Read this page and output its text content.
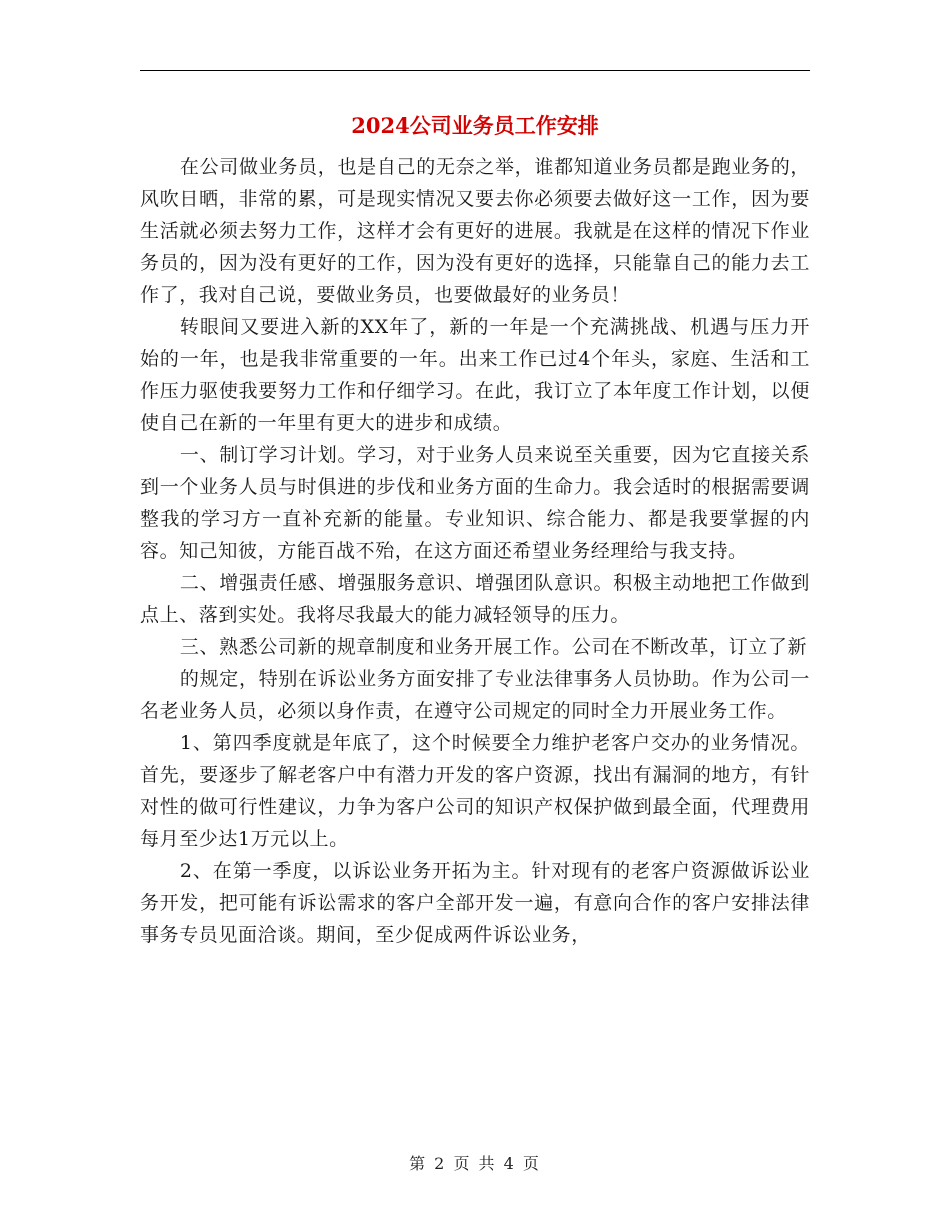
2024公司业务员工作安排

在公司做业务员，也是自己的无奈之举，谁都知道业务员都是跑业务的，风吹日晒，非常的累，可是现实情况又要去你必须要去做好这一工作，因为要生活就必须去努力工作，这样才会有更好的进展。我就是在这样的情况下作业务员的，因为没有更好的工作，因为没有更好的选择，只能靠自己的能力去工作了，我对自己说，要做业务员，也要做最好的业务员！

转眼间又要进入新的XX年了，新的一年是一个充满挑战、机遇与压力开始的一年，也是我非常重要的一年。出来工作已过4个年头，家庭、生活和工作压力驱使我要努力工作和仔细学习。在此，我订立了本年度工作计划，以便使自己在新的一年里有更大的进步和成绩。

一、制订学习计划。学习，对于业务人员来说至关重要，因为它直接关系到一个业务人员与时俱进的步伐和业务方面的生命力。我会适时的根据需要调整我的学习方一直补充新的能量。专业知识、综合能力、都是我要掌握的内容。知己知彼，方能百战不殆，在这方面还希望业务经理给与我支持。

二、增强责任感、增强服务意识、增强团队意识。积极主动地把工作做到点上、落到实处。我将尽我最大的能力减轻领导的压力。

三、熟悉公司新的规章制度和业务开展工作。公司在不断改革，订立了新

的规定，特别在诉讼业务方面安排了专业法律事务人员协助。作为公司一名老业务人员，必须以身作责，在遵守公司规定的同时全力开展业务工作。

1、第四季度就是年底了，这个时候要全力维护老客户交办的业务情况。首先，要逐步了解老客户中有潜力开发的客户资源，找出有漏洞的地方，有针对性的做可行性建议，力争为客户公司的知识产权保护做到最全面，代理费用每月至少达1万元以上。

2、在第一季度，以诉讼业务开拓为主。针对现有的老客户资源做诉讼业务开发，把可能有诉讼需求的客户全部开发一遍，有意向合作的客户安排法律事务专员见面洽谈。期间，至少促成两件诉讼业务，

第 2 页 共 4 页
